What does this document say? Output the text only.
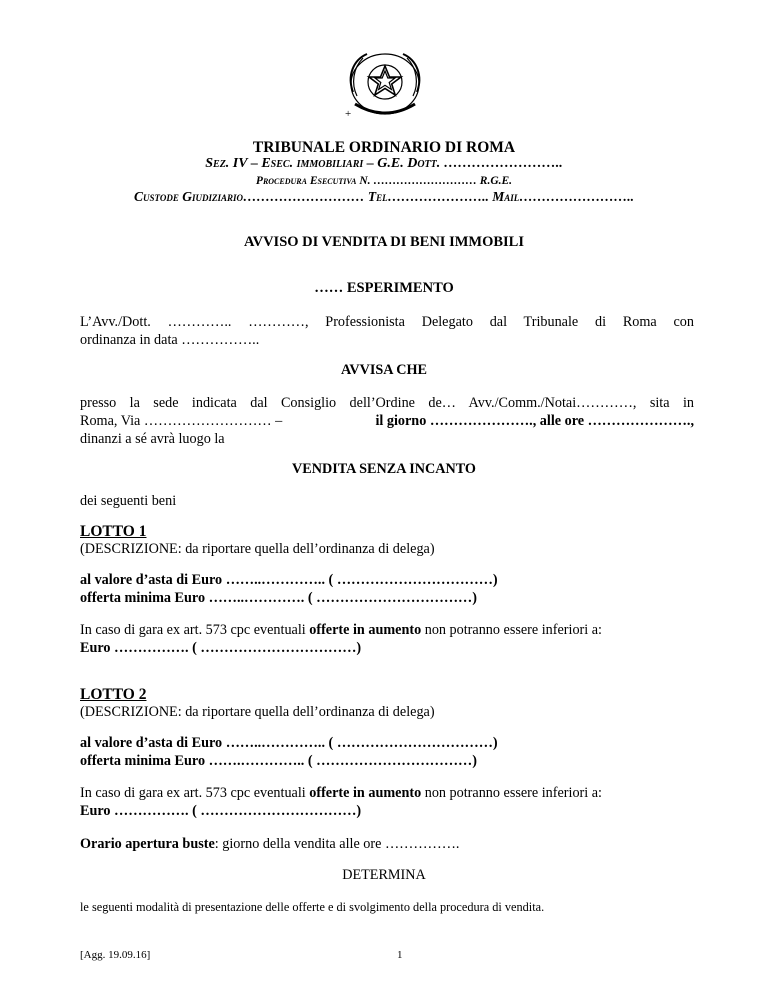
+
TRIBUNALE ORDINARIO DI ROMA
Sez. IV – Esec. immobiliari – G.E. Dott. ……………………..
Procedura Esecutiva N. ……………………… R.G.E.
Custode Giudiziario……………………… Tel………………….. Mail……………………..
AVVISO DI VENDITA DI BENI IMMOBILI
…… ESPERIMENTO
L’Avv./Dott. ………….. …………, Professionista Delegato dal Tribunale di Roma con
ordinanza in data ……………..
AVVISA CHE
presso la sede indicata dal Consiglio dell’Ordine de… Avv./Comm./Notai…………, sita in
Roma, Via ……………………… –	il giorno …………………., alle ore ………………….,
dinanzi a sé avrà luogo la
VENDITA SENZA INCANTO
dei seguenti beni
LOTTO 1
(DESCRIZIONE: da riportare quella dell’ordinanza di delega)
al valore d’asta di Euro ……..………….. ( ……………………………)
offerta minima Euro ……..…………. ( ……………………………)
In caso di gara ex art. 573 cpc eventuali offerte in aumento non potranno essere inferiori a:
Euro ……………. ( ……………………………)
LOTTO 2
(DESCRIZIONE: da riportare quella dell’ordinanza di delega)
al valore d’asta di Euro ……..………….. ( ……………………………)
offerta minima Euro …….………….. ( ……………………………)
In caso di gara ex art. 573 cpc eventuali offerte in aumento non potranno essere inferiori a:
Euro ……………. ( ……………………………)
Orario apertura buste: giorno della vendita alle ore …………….
DETERMINA
le seguenti modalità di presentazione delle offerte e di svolgimento della procedura di vendita.
[Agg. 19.09.16]	1
